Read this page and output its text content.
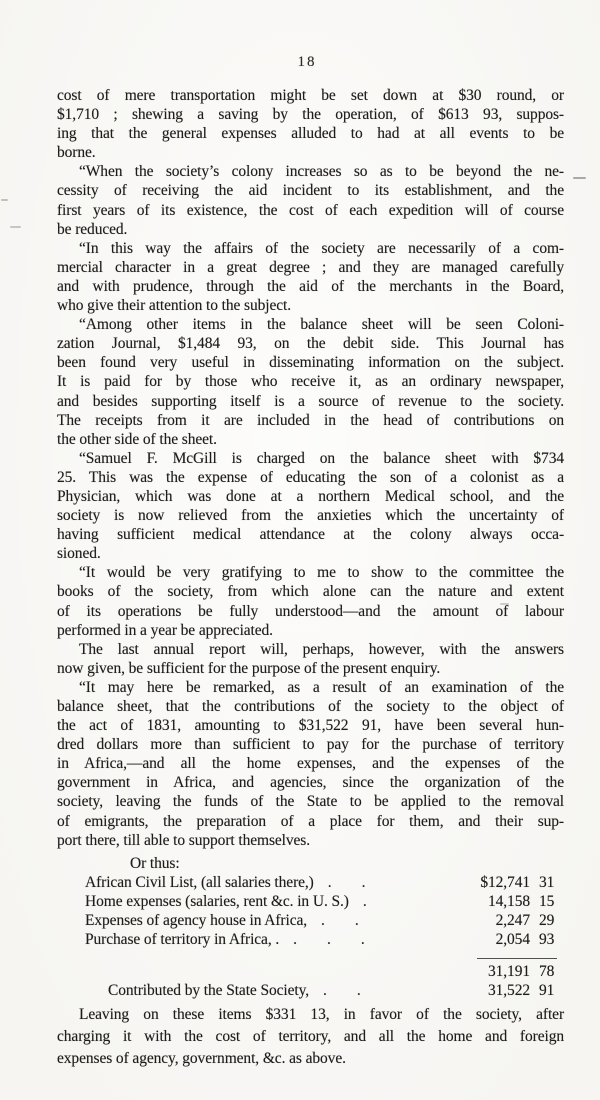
18
cost of mere transportation might be set down at $30 round, or
$1,710 ; shewing a saving by the operation, of $613 93, suppos-
ing that the general expenses alluded to had at all events to be
borne.
“When the society’s colony increases so as to be beyond the ne-
cessity of receiving the aid incident to its establishment, and the
first years of its existence, the cost of each expedition will of course
be reduced.
“In this way the affairs of the society are necessarily of a com-
mercial character in a great degree ; and they are managed carefully
and with prudence, through the aid of the merchants in the Board,
who give their attention to the subject.
“Among other items in the balance sheet will be seen Coloni-
zation Journal, $1,484 93, on the debit side. This Journal has
been found very useful in disseminating information on the subject.
It is paid for by those who receive it, as an ordinary newspaper,
and besides supporting itself is a source of revenue to the society.
The receipts from it are included in the head of contributions on
the other side of the sheet.
“Samuel F. McGill is charged on the balance sheet with $734
25. This was the expense of educating the son of a colonist as a
Physician, which was done at a northern Medical school, and the
society is now relieved from the anxieties which the uncertainty of
having sufficient medical attendance at the colony always occa-
sioned.
“It would be very gratifying to me to show to the committee the
books of the society, from which alone can the nature and extent
of its operations be fully understood—and the amount of labour
performed in a year be appreciated.
The last annual report will, perhaps, however, with the answers
now given, be sufficient for the purpose of the present enquiry.
“It may here be remarked, as a result of an examination of the
balance sheet, that the contributions of the society to the object of
the act of 1831, amounting to $31,522 91, have been several hun-
dred dollars more than sufficient to pay for the purchase of territory
in Africa,—and all the home expenses, and the expenses of the
government in Africa, and agencies, since the organization of the
society, leaving the funds of the State to be applied to the removal
of emigrants, the preparation of a place for them, and their sup-
port there, till able to support themselves.
Or thus:
African Civil List, (all salaries there,) ..	$12,741 31
Home expenses (salaries, rent &c. in U. S.) .	14,158 15
Expenses of agency house in Africa, ..	2,247 29
Purchase of territory in Africa, . ...	2,054 93
31,191 78
Contributed by the State Society, ..	31,522 91
Leaving on these items $331 13, in favor of the society, after
charging it with the cost of territory, and all the home and foreign
expenses of agency, government, &c. as above.
